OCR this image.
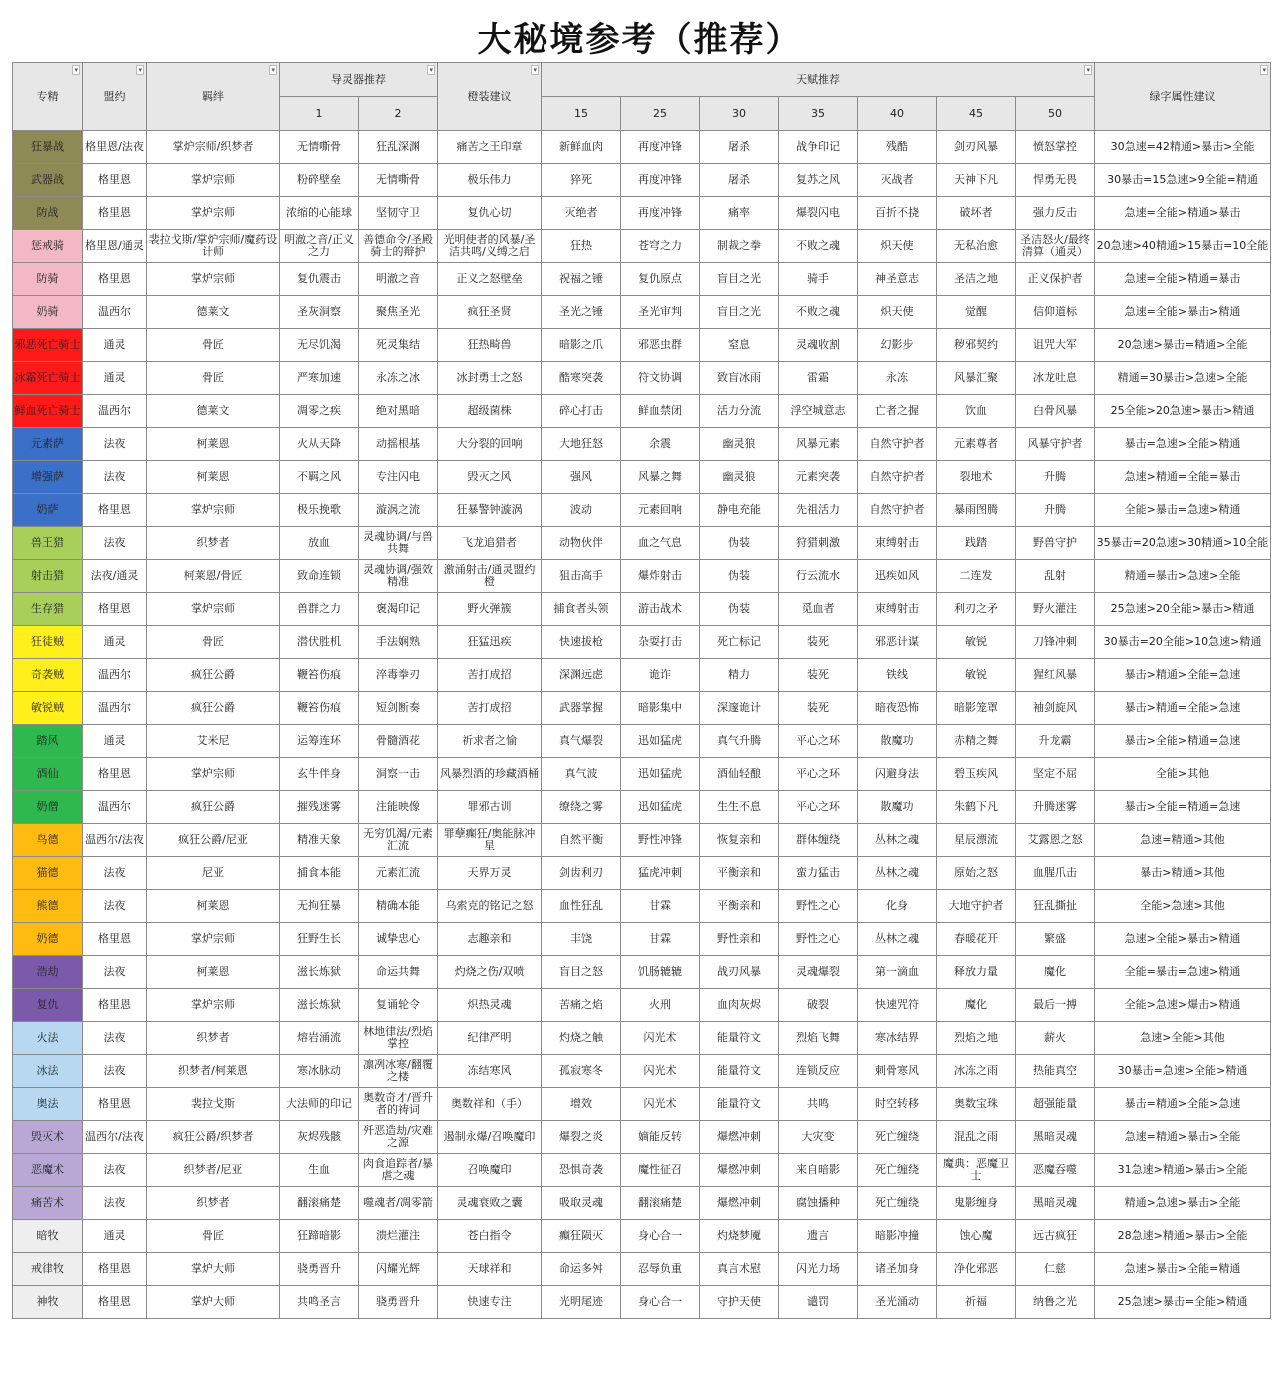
大秘境参考（推荐）
专精
▾	盟约
▾	羁绊
▾	导灵器推荐
▾		橙装建议
▾	天赋推荐
▾							绿字属性建议
▾

			1	2		15	25	30	35	40	45	50	
狂暴战	格里恩/法夜	掌炉宗师/织梦者	无情嘶骨	狂乱深渊	痛苦之王印章	新鲜血肉	再度冲锋	屠杀	战争印记	残酷	剑刃风暴	愤怒掌控	30急速=42精通>暴击>全能
武器战	格里恩	掌炉宗师	粉碎壁垒	无情嘶骨	极乐伟力	猝死	再度冲锋	屠杀	复苏之风	灭战者	天神下凡	悍勇无畏	30暴击=15急速>9全能=精通
防战	格里恩	掌炉宗师	浓缩的心能球	坚韧守卫	复仇心切	灭绝者	再度冲锋	痛率	爆裂闪电	百折不挠	破坏者	强力反击	急速=全能>精通>暴击
惩戒骑	格里恩/通灵	裴拉戈斯/掌炉宗师/魔药设计师	明澈之音/正义之力	善德命令/圣殿骑士的辩护	光明使者的风暴/圣洁共鸣/义缚之启	狂热	苍穹之力	制裁之拳	不败之魂	炽天使	无私治愈	圣洁怒火/最终清算（通灵）	20急速>40精通>15暴击=10全能
防骑	格里恩	掌炉宗师	复仇震击	明澈之音	正义之怒壁垒	祝福之锤	复仇原点	盲目之光	骑手	神圣意志	圣洁之地	正义保护者	急速=全能>精通=暴击
奶骑	温西尔	德莱文	圣灰洞察	聚焦圣光	疯狂圣贤	圣光之锤	圣光审判	盲目之光	不败之魂	炽天使	觉醒	信仰道标	急速=全能>暴击>精通
邪恶死亡骑士	通灵	骨匠	无尽饥渴	死灵集结	狂热畸兽	暗影之爪	邪恶虫群	窒息	灵魂收割	幻影步	秽邪契约	诅咒大军	20急速>暴击=精通>全能
冰霜死亡骑士	通灵	骨匠	严寒加速	永冻之冰	冰封勇士之怒	酷寒突袭	符文协调	致盲冰雨	雷霜	永冻	风暴汇聚	冰龙吐息	精通=30暴击>急速>全能
鲜血死亡骑士	温西尔	德莱文	凋零之疾	绝对黑暗	超级菌株	碎心打击	鲜血禁闭	活力分流	浮空城意志	亡者之握	饮血	白骨风暴	25全能>20急速>暴击>精通
元素萨	法夜	柯莱恩	火从天降	动摇根基	大分裂的回响	大地狂怒	余震	幽灵狼	风暴元素	自然守护者	元素尊者	风暴守护者	暴击=急速>全能>精通
增强萨	法夜	柯莱恩	不羁之风	专注闪电	毁灭之风	强风	风暴之舞	幽灵狼	元素突袭	自然守护者	裂地术	升腾	急速>精通=全能=暴击
奶萨	格里恩	掌炉宗师	极乐挽歌	漩涡之流	狂暴警钟漩涡	波动	元素回响	静电充能	先祖活力	自然守护者	暴雨图腾	升腾	全能>暴击=急速>精通
兽王猎	法夜	织梦者	放血	灵魂协调/与兽共舞	飞龙追猎者	动物伙伴	血之气息	伪装	狩猎刺激	束缚射击	践踏	野兽守护	35暴击=20急速>30精通>10全能
射击猎	法夜/通灵	柯莱恩/骨匠	致命连锁	灵魂协调/强效精准	激涌射击/通灵盟约橙	狙击高手	爆炸射击	伪装	行云流水	迅疾如风	二连发	乱射	精通=暴击>急速>全能
生存猎	格里恩	掌炉宗师	兽群之力	褒渴印记	野火弹簇	捕食者头领	游击战术	伪装	觅血者	束缚射击	利刃之矛	野火灌注	25急速>20全能>暴击>精通
狂徒贼	通灵	骨匠	潜伏胜机	手法娴熟	狂猛迅疾	快速拔枪	杂耍打击	死亡标记	装死	邪恶计谋	敏锐	刀锋冲刺	30暴击=20全能>10急速>精通
奇袭贼	温西尔	疯狂公爵	鞭笞伤痕	淬毒拳刃	苦打成招	深渊远虑	诡诈	精力	装死	铁线	敏锐	猩红风暴	暴击>精通>全能=急速
敏锐贼	温西尔	疯狂公爵	鞭笞伤痕	短剑断奏	苦打成招	武器掌握	暗影集中	深邃诡计	装死	暗夜恐怖	暗影笼罩	袖剑旋风	暴击>精通=全能>急速
踏风	通灵	艾米尼	运筹连环	骨髓酒花	祈求者之愉	真气爆裂	迅如猛虎	真气升腾	平心之环	散魔功	赤精之舞	升龙霸	暴击>全能>精通=急速
酒仙	格里恩	掌炉宗师	玄牛伴身	洞察一击	风暴烈酒的珍藏酒桶	真气波	迅如猛虎	酒仙轻酿	平心之环	闪避身法	碧玉疾风	坚定不屈	全能>其他
奶僧	温西尔	疯狂公爵	摧残迷雾	注能映像	罪邪古训	缭绕之雾	迅如猛虎	生生不息	平心之环	散魔功	朱鹤下凡	升腾迷雾	暴击>全能=精通=急速
鸟德	温西尔/法夜	疯狂公爵/尼亚	精准天象	无穷饥渴/元素汇流	罪孽癫狂/奥能脉冲星	自然平衡	野性冲锋	恢复亲和	群体缠绕	丛林之魂	星辰漂流	艾露恩之怒	急速=精通>其他
猫德	法夜	尼亚	捕食本能	元素汇流	天界万灵	剑齿利刃	猛虎冲刺	平衡亲和	蛮力猛击	丛林之魂	原始之怒	血腥爪击	暴击>精通>其他
熊德	法夜	柯莱恩	无拘狂暴	精确本能	乌索克的铭记之怒	血性狂乱	甘霖	平衡亲和	野性之心	化身	大地守护者	狂乱撕扯	全能>急速>其他
奶德	格里恩	掌炉宗师	狂野生长	诚挚忠心	志趣亲和	丰饶	甘霖	野性亲和	野性之心	丛林之魂	春暖花开	繁盛	急速>全能>暴击>精通
浩劫	法夜	柯莱恩	滋长炼狱	命运共舞	灼烧之伤/双喷	盲目之怒	饥肠辘辘	战刃风暴	灵魂爆裂	第一滴血	释放力量	魔化	全能=暴击=急速>精通
复仇	格里恩	掌炉宗师	滋长炼狱	复诵轮令	炽热灵魂	苦痛之焰	火刑	血肉灰烬	破裂	快速咒符	魔化	最后一搏	全能>急速>爆击>精通
火法	法夜	织梦者	熔岩涌流	林地律法/烈焰掌控	纪律严明	灼烧之触	闪光术	能量符文	烈焰飞舞	寒冰结界	烈焰之地	薪火	急速>全能>其他
冰法	法夜	织梦者/柯莱恩	寒冰脉动	凛冽冰寒/翻覆之楼	冻结寒风	孤寂寒冬	闪光术	能量符文	连锁反应	刺骨寒风	冰冻之雨	热能真空	30暴击=急速>全能>精通
奥法	格里恩	裴拉戈斯	大法师的印记	奥数奇才/晋升者的祷词	奥数祥和（手）	增效	闪光术	能量符文	共鸣	时空转移	奥数宝珠	超强能量	暴击=精通>全能>急速
毁灭术	温西尔/法夜	疯狂公爵/织梦者	灰烬残骸	歼恶造劫/灾难之源	遏制永爆/召唤魔印	爆裂之炎	嫡能反转	爆燃冲刺	大灾变	死亡缠绕	混乱之雨	黑暗灵魂	急速=精通>暴击>全能
恶魔术	法夜	织梦者/尼亚	生血	肉食追踪者/暴虐之魂	召唤魔印	恐惧奇袭	魔性征召	爆燃冲刺	来自暗影	死亡缠绕	魔典：恶魔卫士	恶魔吞噬	31急速>精通>暴击>全能
痛苦术	法夜	织梦者	翻滚痛楚	噬魂者/凋零箭	灵魂衰败之囊	吸取灵魂	翻滚痛楚	爆燃冲刺	腐蚀播种	死亡缠绕	鬼影缠身	黑暗灵魂	精通>急速>暴击>全能
暗牧	通灵	骨匠	狂蹄暗影	溃烂灌注	苍白指令	癫狂陨灭	身心合一	灼烧梦魇	遗言	暗影冲撞	蚀心魔	远古疯狂	28急速>精通>暴击>全能
戒律牧	格里恩	掌炉大师	骁勇晋升	闪耀光辉	天球祥和	命运多舛	忍辱负重	真言术慰	闪光力场	诸圣加身	净化邪恶	仁慈	急速>暴击>全能=精通
神牧	格里恩	掌炉大师	共鸣圣言	骁勇晋升	快速专注	光明尾迹	身心合一	守护天使	谴罚	圣光涌动	祈福	纳鲁之光	25急速>暴击=全能>精通
